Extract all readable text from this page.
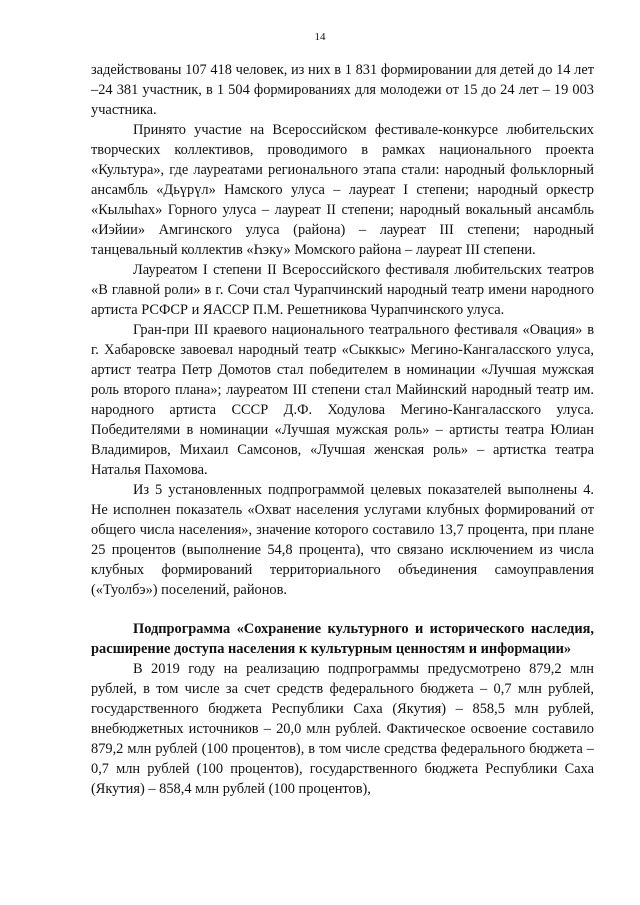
14

задействованы 107 418 человек, из них в 1 831 формировании для детей до 14 лет –24 381 участник, в 1 504 формированиях для молодежи от 15 до 24 лет – 19 003 участника.

Принято участие на Всероссийском фестивале-конкурсе любительских творческих коллективов, проводимого в рамках национального проекта «Культура», где лауреатами регионального этапа стали: народный фольклорный ансамбль «Дьүрүл» Намского улуса – лауреат I степени; народный оркестр «Кылыһах» Горного улуса – лауреат II степени; народный вокальный ансамбль «Иэйии» Амгинского улуса (района) – лауреат III степени; народный танцевальный коллектив «Һэку» Момского района – лауреат III степени.

Лауреатом I степени II Всероссийского фестиваля любительских театров «В главной роли» в г. Сочи стал Чурапчинский народный театр имени народного артиста РСФСР и ЯАССР П.М. Решетникова Чурапчинского улуса.

Гран-при III краевого национального театрального фестиваля «Овация» в г. Хабаровске завоевал народный театр «Сыккыс» Мегино-Кангаласского улуса, артист театра Петр Домотов стал победителем в номинации «Лучшая мужская роль второго плана»; лауреатом III степени стал Майинский народный театр им. народного артиста СССР Д.Ф. Ходулова Мегино-Кангаласского улуса. Победителями в номинации «Лучшая мужская роль» – артисты театра Юлиан Владимиров, Михаил Самсонов, «Лучшая женская роль» – артистка театра Наталья Пахомова.

Из 5 установленных подпрограммой целевых показателей выполнены 4. Не исполнен показатель «Охват населения услугами клубных формирований от общего числа населения», значение которого составило 13,7 процента, при плане 25 процентов (выполнение 54,8 процента), что связано исключением из числа клубных формирований территориального объединения самоуправления («Туолбэ») поселений, районов.

Подпрограмма «Сохранение культурного и исторического наследия, расширение доступа населения к культурным ценностям и информации»

В 2019 году на реализацию подпрограммы предусмотрено 879,2 млн рублей, в том числе за счет средств федерального бюджета – 0,7 млн рублей, государственного бюджета Республики Саха (Якутия) – 858,5 млн рублей, внебюджетных источников – 20,0 млн рублей. Фактическое освоение составило 879,2 млн рублей (100 процентов), в том числе средства федерального бюджета – 0,7 млн рублей (100 процентов), государственного бюджета Республики Саха (Якутия) – 858,4 млн рублей (100 процентов),
